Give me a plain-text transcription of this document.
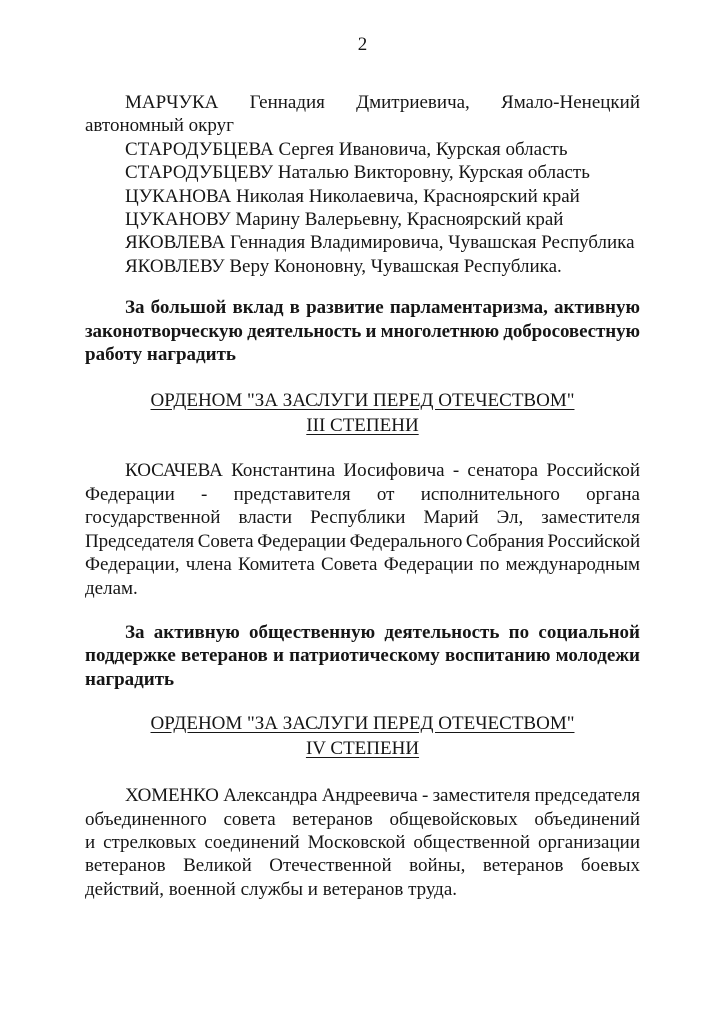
2
МАРЧУКА Геннадия Дмитриевича, Ямало-Ненецкий
автономный округ
СТАРОДУБЦЕВА Сергея Ивановича, Курская область
СТАРОДУБЦЕВУ Наталью Викторовну, Курская область
ЦУКАНОВА Николая Николаевича, Красноярский край
ЦУКАНОВУ Марину Валерьевну, Красноярский край
ЯКОВЛЕВА Геннадия Владимировича, Чувашская Республика
ЯКОВЛЕВУ Веру Кононовну, Чувашская Республика.
За большой вклад в развитие парламентаризма, активную
законотворческую деятельность и многолетнюю добросовестную
работу наградить
ОРДЕНОМ "ЗА ЗАСЛУГИ ПЕРЕД ОТЕЧЕСТВОМ"
III СТЕПЕНИ
КОСАЧЕВА Константина Иосифовича - сенатора Российской
Федерации - представителя от исполнительного органа
государственной власти Республики Марий Эл, заместителя
Председателя Совета Федерации Федерального Собрания Российской
Федерации, члена Комитета Совета Федерации по международным
делам.
За активную общественную деятельность по социальной
поддержке ветеранов и патриотическому воспитанию молодежи
наградить
ОРДЕНОМ "ЗА ЗАСЛУГИ ПЕРЕД ОТЕЧЕСТВОМ"
IV СТЕПЕНИ
ХОМЕНКО Александра Андреевича - заместителя председателя
объединенного совета ветеранов общевойсковых объединений
и стрелковых соединений Московской общественной организации
ветеранов Великой Отечественной войны, ветеранов боевых
действий, военной службы и ветеранов труда.
